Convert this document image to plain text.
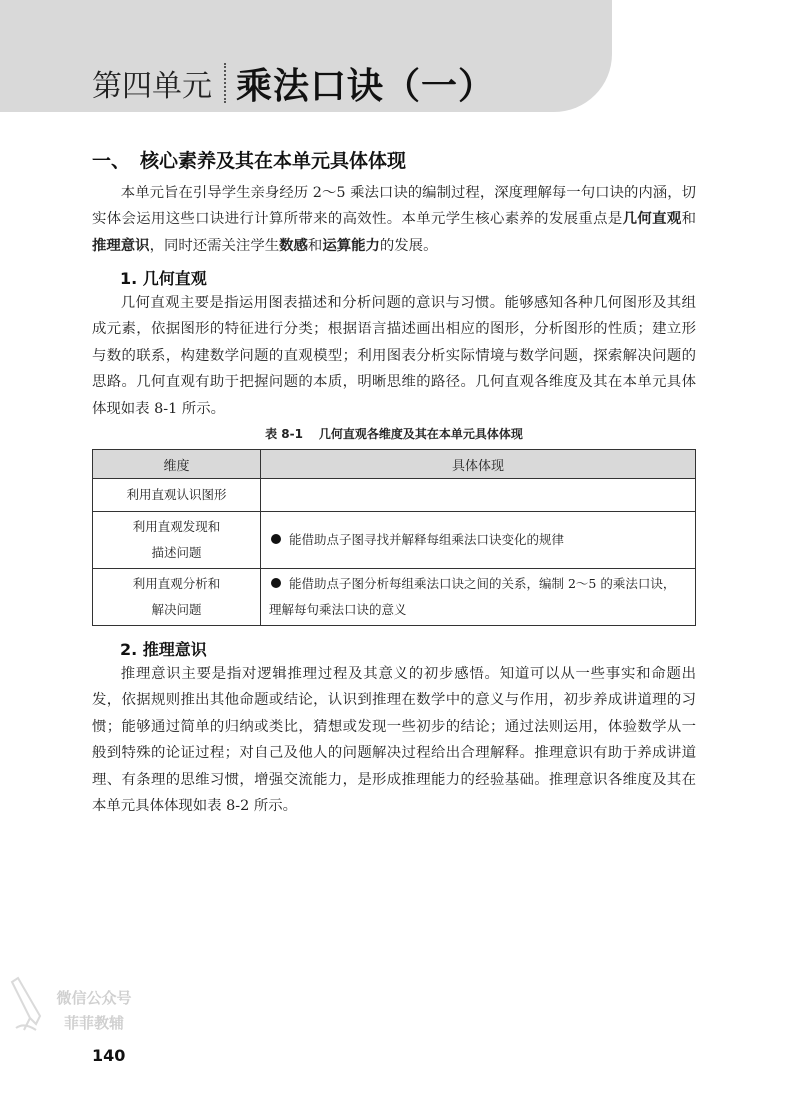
第四单元 乘法口诀（一）
一、 核心素养及其在本单元具体体现

本单元旨在引导学生亲身经历 2～5 乘法口诀的编制过程，深度理解每一句口诀的内涵，切实体会运用这些口诀进行计算所带来的高效性。本单元学生核心素养的发展重点是几何直观和推理意识，同时还需关注学生数感和运算能力的发展。

1. 几何直观

几何直观主要是指运用图表描述和分析问题的意识与习惯。能够感知各种几何图形及其组成元素，依据图形的特征进行分类；根据语言描述画出相应的图形，分析图形的性质；建立形与数的联系，构建数学问题的直观模型；利用图表分析实际情境与数学问题，探索解决问题的思路。几何直观有助于把握问题的本质，明晰思维的路径。几何直观各维度及其在本单元具体体现如表 8-1 所示。

表 8-1 几何直观各维度及其在本单元具体体现
维度	具体体现
利用直观认识图形	
利用直观发现和
描述问题	能借助点子图寻找并解释每组乘法口诀变化的规律
利用直观分析和
解决问题	能借助点子图分析每组乘法口诀之间的关系，编制 2～5 的乘法口诀，理解每句乘法口诀的意义
2. 推理意识

推理意识主要是指对逻辑推理过程及其意义的初步感悟。知道可以从一些事实和命题出发，依据规则推出其他命题或结论，认识到推理在数学中的意义与作用，初步养成讲道理的习惯；能够通过简单的归纳或类比，猜想或发现一些初步的结论；通过法则运用，体验数学从一般到特殊的论证过程；对自己及他人的问题解决过程给出合理解释。推理意识有助于养成讲道理、有条理的思维习惯，增强交流能力，是形成推理能力的经验基础。推理意识各维度及其在本单元具体体现如表 8-2 所示。

微信公众号
菲菲教辅
140
